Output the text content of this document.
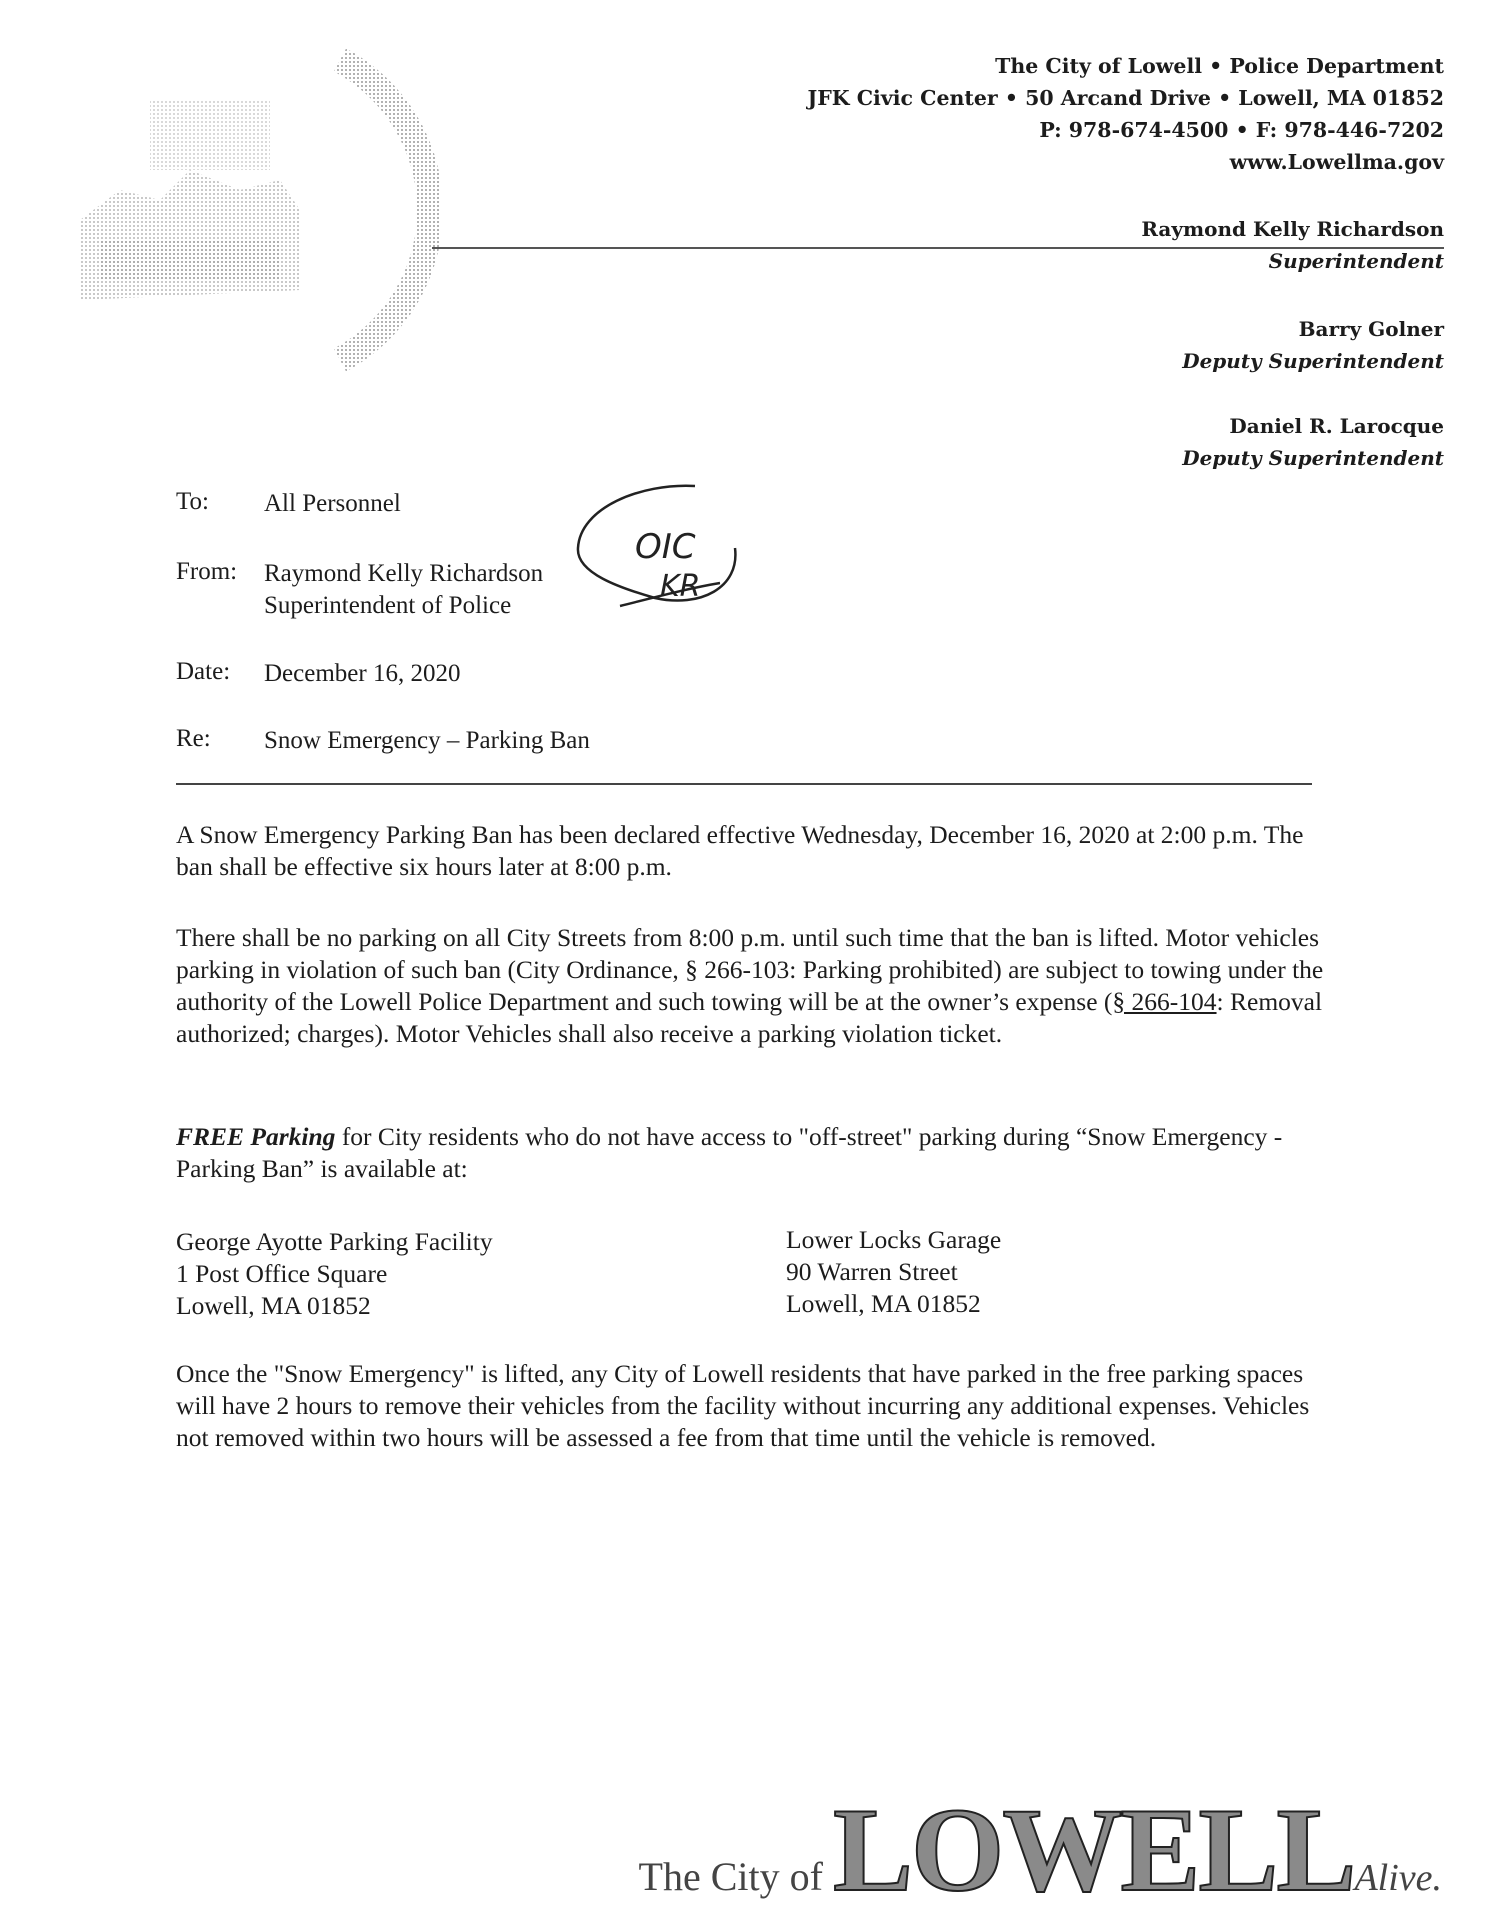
The City of Lowell • Police Department
JFK Civic Center • 50 Arcand Drive • Lowell, MA 01852
P: 978-674-4500 • F: 978-446-7202
www.Lowellma.gov
Raymond Kelly Richardson
Superintendent
Barry Golner
Deputy Superintendent
Daniel R. Larocque
Deputy Superintendent
To: All Personnel
From: Raymond Kelly Richardson
Superintendent of Police
Date: December 16, 2020
Re: Snow Emergency – Parking Ban
OIC
KR

A Snow Emergency Parking Ban has been declared effective Wednesday, December 16, 2020 at 2:00 p.m. The ban shall be effective six hours later at 8:00 p.m.

There shall be no parking on all City Streets from 8:00 p.m. until such time that the ban is lifted. Motor vehicles parking in violation of such ban (City Ordinance, § 266-103: Parking prohibited) are subject to towing under the authority of the Lowell Police Department and such towing will be at the owner’s expense (§ 266-104: Removal authorized; charges). Motor Vehicles shall also receive a parking violation ticket.

FREE Parking for City residents who do not have access to "off-street" parking during “Snow Emergency - Parking Ban” is available at:

George Ayotte Parking Facility
1 Post Office Square
Lowell, MA 01852
Lower Locks Garage
90 Warren Street
Lowell, MA 01852

Once the "Snow Emergency" is lifted, any City of Lowell residents that have parked in the free parking spaces will have 2 hours to remove their vehicles from the facility without incurring any additional expenses. Vehicles not removed within two hours will be assessed a fee from that time until the vehicle is removed.

The City of LOWELLAlive.
